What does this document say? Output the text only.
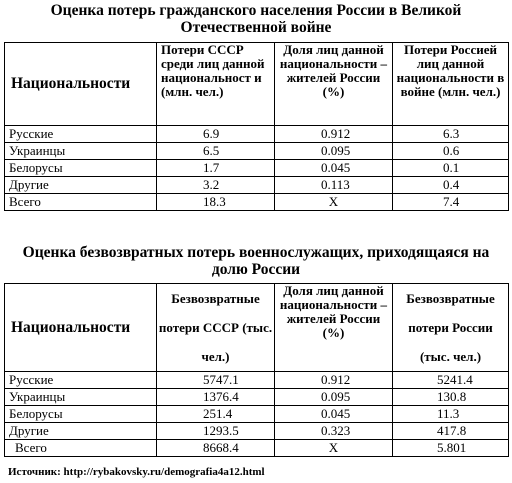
Оценка потерь гражданского населения России в Великой
Отечественной войне
Национальности	Потери СССР среди лиц данной национальност и (млн. чел.)	Доля лиц данной национальности – жителей России (%)	Потери Россией лиц данной национальности в войне (млн. чел.)
Русские	6.9	0.912	6.3
Украинцы	6.5	0.095	0.6
Белорусы	1.7	0.045	0.1
Другие	3.2	0.113	0.4
Всего	18.3	Х	7.4
Оценка безвозвратных потерь военнослужащих, приходящаяся на
долю России
Национальности	Безвозвратные потери СССР (тыс. чел.)	Доля лиц данной национальности – жителей России (%)	Безвозвратные потери России (тыс. чел.)
Русские	5747.1	0.912	5241.4
Украинцы	1376.4	0.095	130.8
Белорусы	251.4	0.045	11.3
Другие	1293.5	0.323	417.8
Всего	8668.4	Х	5.801
Источник: http://rybakovsky.ru/demografia4a12.html
